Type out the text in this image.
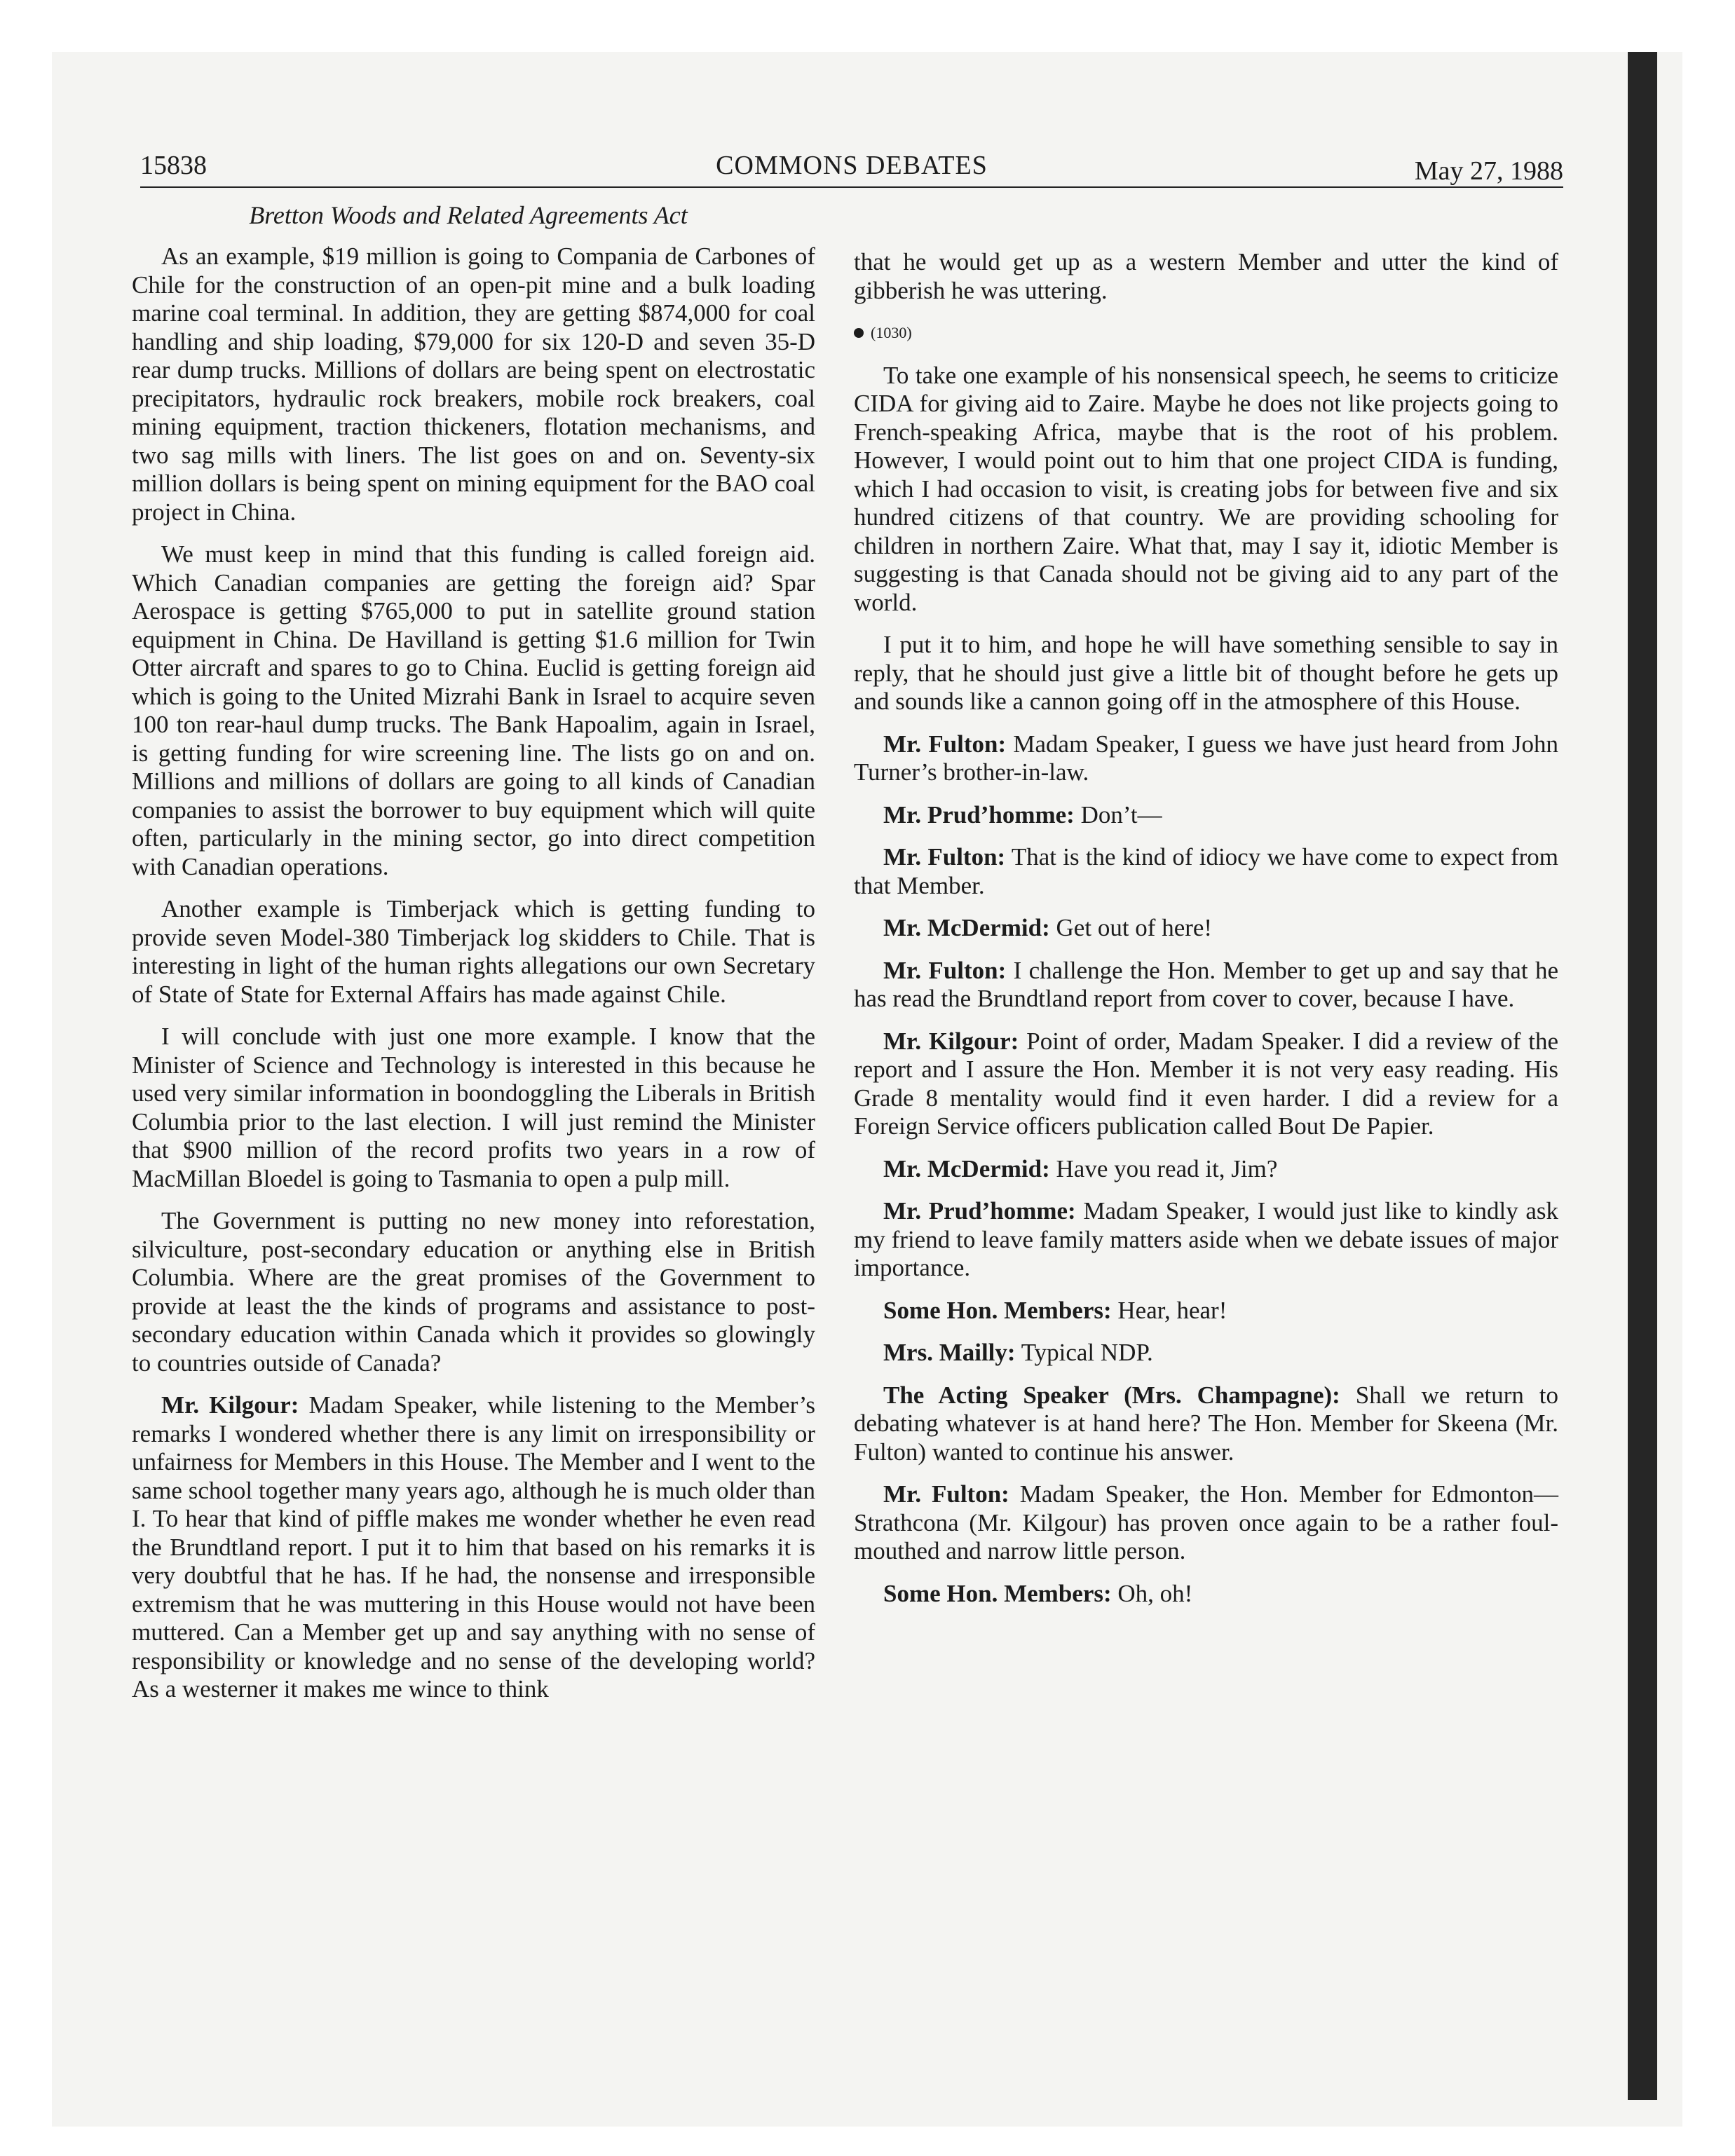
15838	COMMONS DEBATES	May 27, 1988
Bretton Woods and Related Agreements Act

As an example, $19 million is going to Compania de Carbones of Chile for the construction of an open-pit mine and a bulk loading marine coal terminal. In addition, they are getting $874,000 for coal handling and ship loading, $79,000 for six 120-D and seven 35-D rear dump trucks. Millions of dollars are being spent on electrostatic precipitators, hydraulic rock breakers, mobile rock breakers, coal mining equipment, traction thickeners, flotation mechanisms, and two sag mills with liners. The list goes on and on. Seventy-six million dollars is being spent on mining equipment for the BAO coal project in China.

We must keep in mind that this funding is called foreign aid. Which Canadian companies are getting the foreign aid? Spar Aerospace is getting $765,000 to put in satellite ground station equipment in China. De Havilland is getting $1.6 million for Twin Otter aircraft and spares to go to China. Euclid is getting foreign aid which is going to the United Mizrahi Bank in Israel to acquire seven 100 ton rear-haul dump trucks. The Bank Hapoalim, again in Israel, is getting funding for wire screening line. The lists go on and on. Millions and millions of dollars are going to all kinds of Canadian companies to assist the borrower to buy equipment which will quite often, particularly in the mining sector, go into direct competition with Canadian operations.

Another example is Timberjack which is getting funding to provide seven Model-380 Timberjack log skidders to Chile. That is interesting in light of the human rights allegations our own Secretary of State of State for External Affairs has made against Chile.

I will conclude with just one more example. I know that the Minister of Science and Technology is interested in this because he used very similar information in boondoggling the Liberals in British Columbia prior to the last election. I will just remind the Minister that $900 million of the record profits two years in a row of MacMillan Bloedel is going to Tasmania to open a pulp mill.

The Government is putting no new money into reforestation, silviculture, post-secondary education or anything else in British Columbia. Where are the great promises of the Government to provide at least the the kinds of programs and assistance to post-secondary education within Canada which it provides so glowingly to countries outside of Canada?

Mr. Kilgour: Madam Speaker, while listening to the Member’s remarks I wondered whether there is any limit on irresponsibility or unfairness for Members in this House. The Member and I went to the same school together many years ago, although he is much older than I. To hear that kind of piffle makes me wonder whether he even read the Brundtland report. I put it to him that based on his remarks it is very doubtful that he has. If he had, the nonsense and irresponsible extremism that he was muttering in this House would not have been muttered. Can a Member get up and say anything with no sense of responsibility or knowledge and no sense of the developing world? As a westerner it makes me wince to think

that he would get up as a western Member and utter the kind of gibberish he was uttering.

(1030)

To take one example of his nonsensical speech, he seems to criticize CIDA for giving aid to Zaire. Maybe he does not like projects going to French-speaking Africa, maybe that is the root of his problem. However, I would point out to him that one project CIDA is funding, which I had occasion to visit, is creating jobs for between five and six hundred citizens of that country. We are providing schooling for children in northern Zaire. What that, may I say it, idiotic Member is suggesting is that Canada should not be giving aid to any part of the world.

I put it to him, and hope he will have something sensible to say in reply, that he should just give a little bit of thought before he gets up and sounds like a cannon going off in the atmosphere of this House.

Mr. Fulton: Madam Speaker, I guess we have just heard from John Turner’s brother-in-law.

Mr. Prud’homme: Don’t—

Mr. Fulton: That is the kind of idiocy we have come to expect from that Member.

Mr. McDermid: Get out of here!

Mr. Fulton: I challenge the Hon. Member to get up and say that he has read the Brundtland report from cover to cover, because I have.

Mr. Kilgour: Point of order, Madam Speaker. I did a review of the report and I assure the Hon. Member it is not very easy reading. His Grade 8 mentality would find it even harder. I did a review for a Foreign Service officers publication called Bout De Papier.

Mr. McDermid: Have you read it, Jim?

Mr. Prud’homme: Madam Speaker, I would just like to kindly ask my friend to leave family matters aside when we debate issues of major importance.

Some Hon. Members: Hear, hear!

Mrs. Mailly: Typical NDP.

The Acting Speaker (Mrs. Champagne): Shall we return to debating whatever is at hand here? The Hon. Member for Skeena (Mr. Fulton) wanted to continue his answer.

Mr. Fulton: Madam Speaker, the Hon. Member for Edmonton—Strathcona (Mr. Kilgour) has proven once again to be a rather foul-mouthed and narrow little person.

Some Hon. Members: Oh, oh!
